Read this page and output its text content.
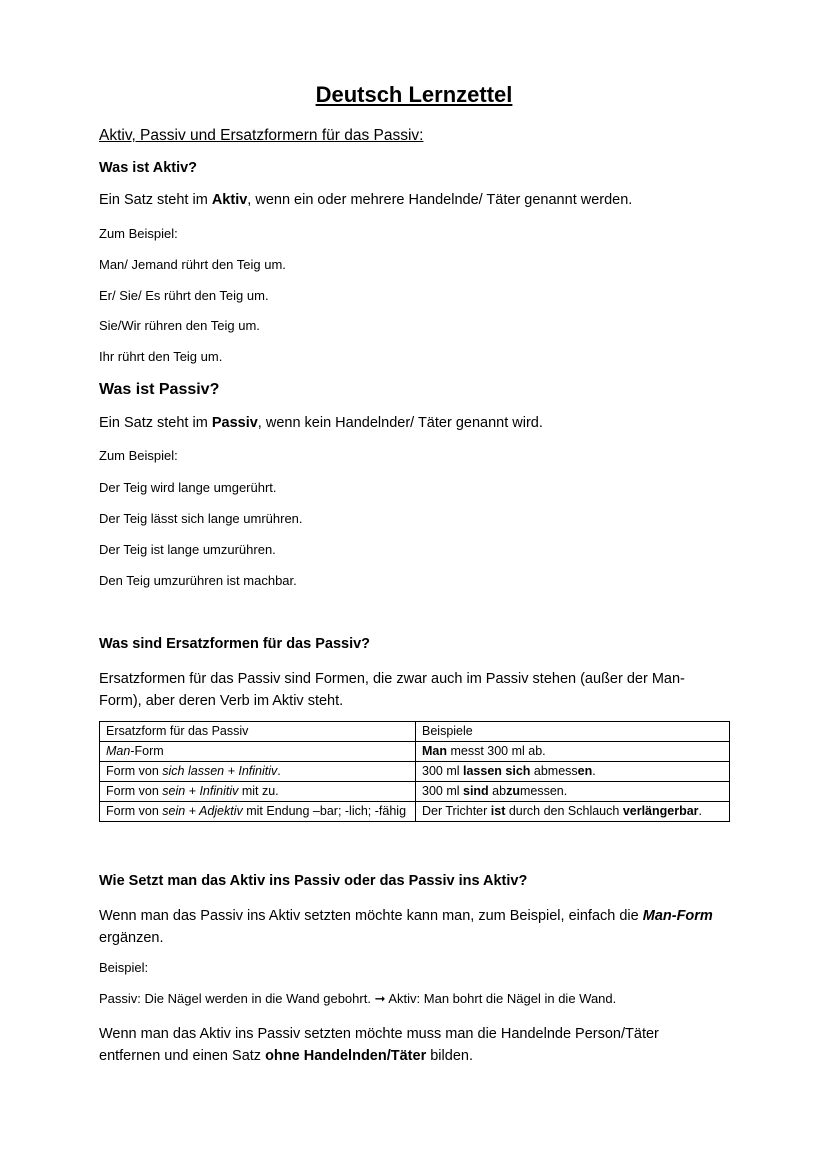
Deutsch Lernzettel
Aktiv, Passiv und Ersatzformern für das Passiv:
Was ist Aktiv?
Ein Satz steht im Aktiv, wenn ein oder mehrere Handelnde/ Täter genannt werden.
Zum Beispiel:
Man/ Jemand rührt den Teig um.
Er/ Sie/ Es rührt den Teig um.
Sie/Wir rühren den Teig um.
Ihr rührt den Teig um.
Was ist Passiv?
Ein Satz steht im Passiv, wenn kein Handelnder/ Täter genannt wird.
Zum Beispiel:
Der Teig wird lange umgerührt.
Der Teig lässt sich lange umrühren.
Der Teig ist lange umzurühren.
Den Teig umzurühren ist machbar.
Was sind Ersatzformen für das Passiv?
Ersatzformen für das Passiv sind Formen, die zwar auch im Passiv stehen (außer der Man-Form), aber deren Verb im Aktiv steht.
Ersatzform für das Passiv	Beispiele
Man-Form	Man messt 300 ml ab.
Form von sich lassen + Infinitiv.	300 ml lassen sich abmessen.
Form von sein + Infinitiv mit zu.	300 ml sind abzumessen.
Form von sein + Adjektiv mit Endung –bar; -lich; -fähig	Der Trichter ist durch den Schlauch verlängerbar.
Wie Setzt man das Aktiv ins Passiv oder das Passiv ins Aktiv?
Wenn man das Passiv ins Aktiv setzten möchte kann man, zum Beispiel, einfach die Man-Form ergänzen.
Beispiel:
Passiv: Die Nägel werden in die Wand gebohrt. ➞ Aktiv: Man bohrt die Nägel in die Wand.
Wenn man das Aktiv ins Passiv setzten möchte muss man die Handelnde Person/Täter entfernen und einen Satz ohne Handelnden/Täter bilden.
